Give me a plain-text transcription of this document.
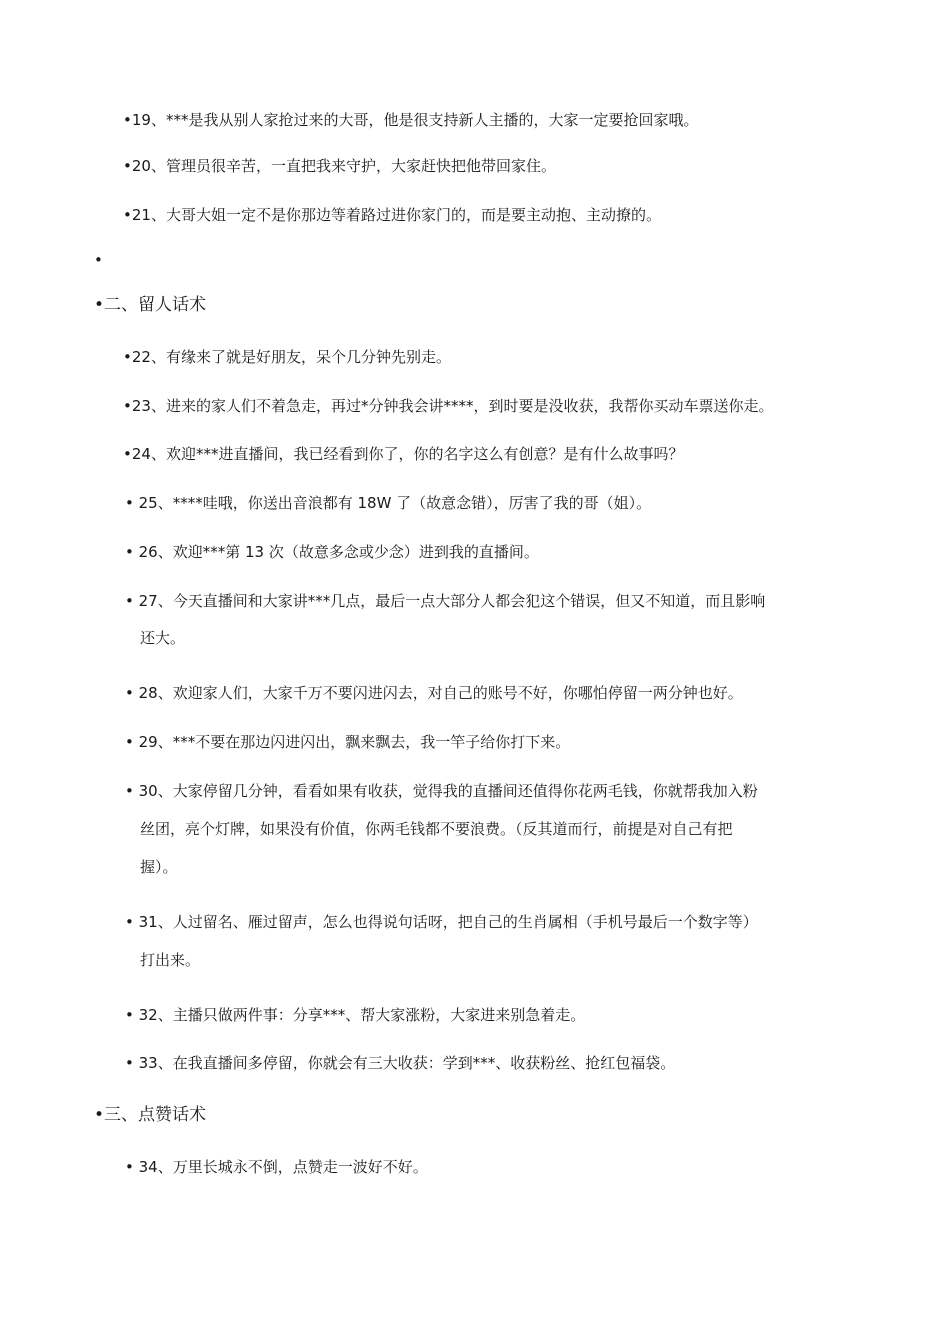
•19、***是我从别人家抢过来的大哥，他是很支持新人主播的，大家一定要抢回家哦。
•20、管理员很辛苦，一直把我来守护，大家赶快把他带回家住。
•21、大哥大姐一定不是你那边等着路过进你家门的，而是要主动抱、主动撩的。
•
•二、留人话术
•22、有缘来了就是好朋友，呆个几分钟先别走。
•23、进来的家人们不着急走，再过*分钟我会讲****，到时要是没收获，我帮你买动车票送你走。
•24、欢迎***进直播间，我已经看到你了，你的名字这么有创意？是有什么故事吗？
• 25、****哇哦，你送出音浪都有 18W 了（故意念错），厉害了我的哥（姐）。
• 26、欢迎***第 13 次（故意多念或少念）进到我的直播间。
• 27、今天直播间和大家讲***几点，最后一点大部分人都会犯这个错误，但又不知道，而且影响
还大。
• 28、欢迎家人们，大家千万不要闪进闪去，对自己的账号不好，你哪怕停留一两分钟也好。
• 29、***不要在那边闪进闪出，飘来飘去，我一竿子给你打下来。
• 30、大家停留几分钟，看看如果有收获，觉得我的直播间还值得你花两毛钱，你就帮我加入粉
丝团，亮个灯牌，如果没有价值，你两毛钱都不要浪费。（反其道而行，前提是对自己有把
握）。
• 31、人过留名、雁过留声，怎么也得说句话呀，把自己的生肖属相（手机号最后一个数字等）
打出来。
• 32、主播只做两件事：分享***、帮大家涨粉，大家进来别急着走。
• 33、在我直播间多停留，你就会有三大收获：学到***、收获粉丝、抢红包福袋。
•三、点赞话术
• 34、万里长城永不倒，点赞走一波好不好。
